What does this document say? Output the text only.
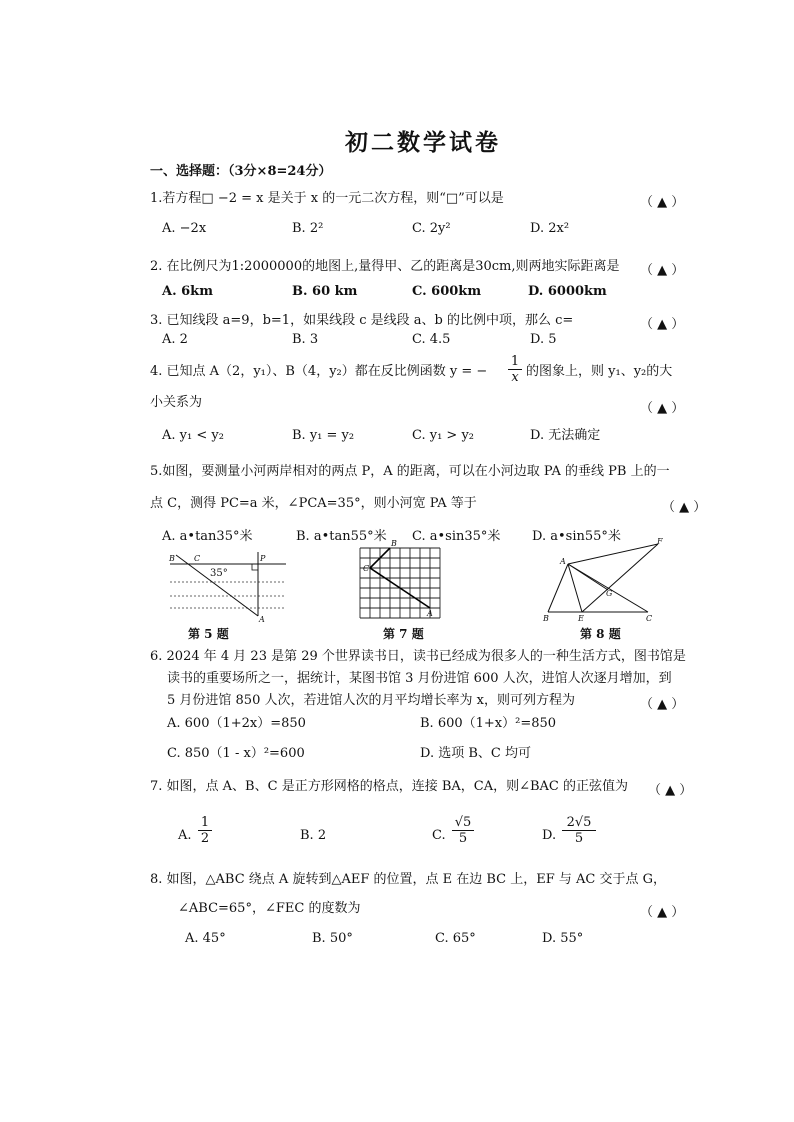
初二数学试卷
一、选择题：（3分×8=24分）
1.若方程□ −2 = x 是关于 x 的一元二次方程，则“□”可以是	（ ▲ ）
A. −2x	B. 2²	C. 2y²	D. 2x²
2. 在比例尺为1:2000000的地图上,量得甲、乙的距离是30cm,则两地实际距离是 （ ▲ ）
A. 6km	B. 60 km	C. 600km	D. 6000km
3. 已知线段 a=9，b=1，如果线段 c 是线段 a、b 的比例中项，那么 c=	（ ▲ ）
A. 2	B. 3	C. 4.5	D. 5
4. 已知点 A（2，y₁）、B（4，y₂）都在反比例函数 y = − $\frac{1}{x}$ 的图象上，则 y₁、y₂的大
小关系为	（ ▲ ）
A. y₁ < y₂	B. y₁ = y₂	C. y₁ > y₂	D. 无法确定
5.如图，要测量小河两岸相对的两点 P，A 的距离，可以在小河边取 PA 的垂线 PB 上的一
点 C，测得 PC=a 米，∠PCA=35°，则小河宽 PA 等于	（ ▲ ）
A. a•tan35°米	B. a•tan55°米 C. a•sin35°米 D. a•sin55°米
B C	P
A
35°
第 5 题
B
C
A
第 7 题
A
F
G
B	E	C
第 8 题
6. 2024 年 4 月 23 是第 29 个世界读书日，读书已经成为很多人的一种生活方式，图书馆是
读书的重要场所之一，据统计，某图书馆 3 月份进馆 600 人次，进馆人次逐月增加，到
5 月份进馆 850 人次，若进馆人次的月平均增长率为 x，则可列方程为	（ ▲ ）
A. 600（1+2x）=850	B. 600（1+x）²=850
C. 850（1 - x）²=600	D. 选项 B、C 均可
7. 如图，点 A、B、C 是正方形网格的格点，连接 BA，CA，则∠BAC 的正弦值为 （ ▲ ）
A. $\frac{1}{2}$	B. 2	C. $\frac{√5}{5}$	D. $\frac{2√5}{5}$
8. 如图，△ABC 绕点 A 旋转到△AEF 的位置，点 E 在边 BC 上，EF 与 AC 交于点 G，
∠ABC=65°，∠FEC 的度数为	（ ▲ ）
A. 45°	B. 50°	C. 65°	D. 55°
